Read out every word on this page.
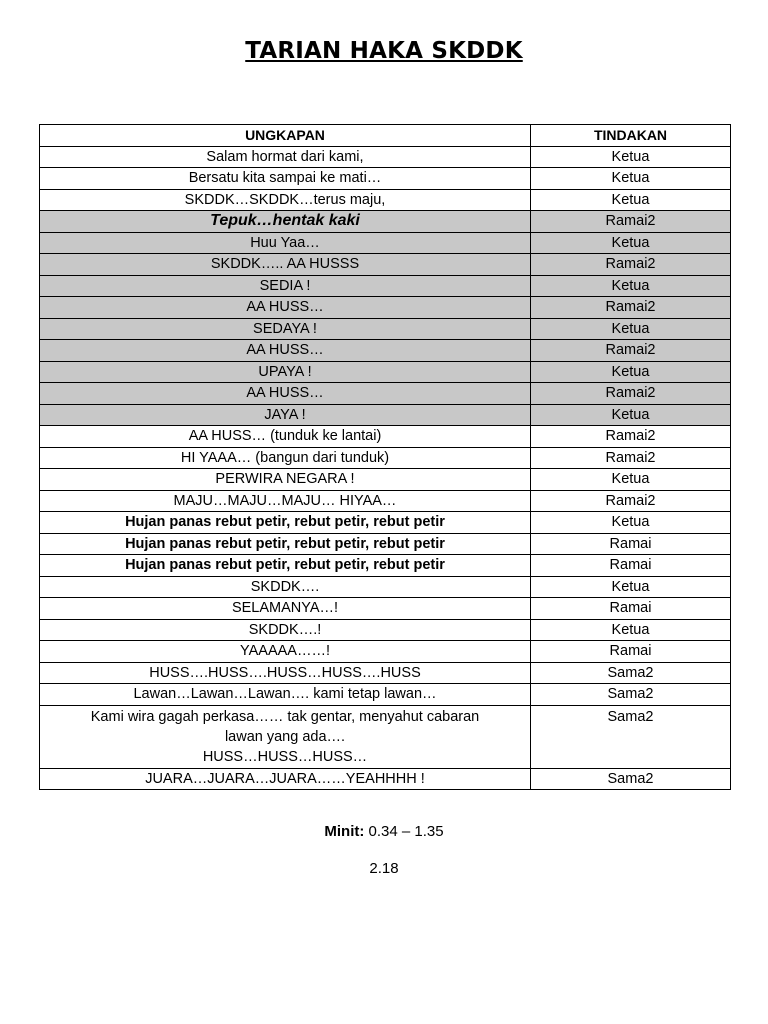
TARIAN HAKA SKDDK
UNGKAPAN	TINDAKAN
Salam hormat dari kami,	Ketua
Bersatu kita sampai ke mati…	Ketua
SKDDK…SKDDK…terus maju,	Ketua
Tepuk…hentak kaki	Ramai2
Huu Yaa…	Ketua
SKDDK….. AA HUSSS	Ramai2
SEDIA !	Ketua
AA HUSS…	Ramai2
SEDAYA !	Ketua
AA HUSS…	Ramai2
UPAYA !	Ketua
AA HUSS…	Ramai2
JAYA !	Ketua
AA HUSS… (tunduk ke lantai)	Ramai2
HI YAAA… (bangun dari tunduk)	Ramai2
PERWIRA NEGARA !	Ketua
MAJU…MAJU…MAJU… HIYAA…	Ramai2
Hujan panas rebut petir, rebut petir, rebut petir	Ketua
Hujan panas rebut petir, rebut petir, rebut petir	Ramai
Hujan panas rebut petir, rebut petir, rebut petir	Ramai
SKDDK….	Ketua
SELAMANYA…!	Ramai
SKDDK….!	Ketua
YAAAAA……!	Ramai
HUSS….HUSS….HUSS…HUSS….HUSS	Sama2
Lawan…Lawan…Lawan…. kami tetap lawan…	Sama2

Kami wira gagah perkasa…… tak gentar, menyahut cabaran
lawan yang ada….
HUSS…HUSS…HUSS…	Sama2
JUARA…JUARA…JUARA……YEAHHHH !	Sama2
Minit: 0.34 – 1.35
2.18
